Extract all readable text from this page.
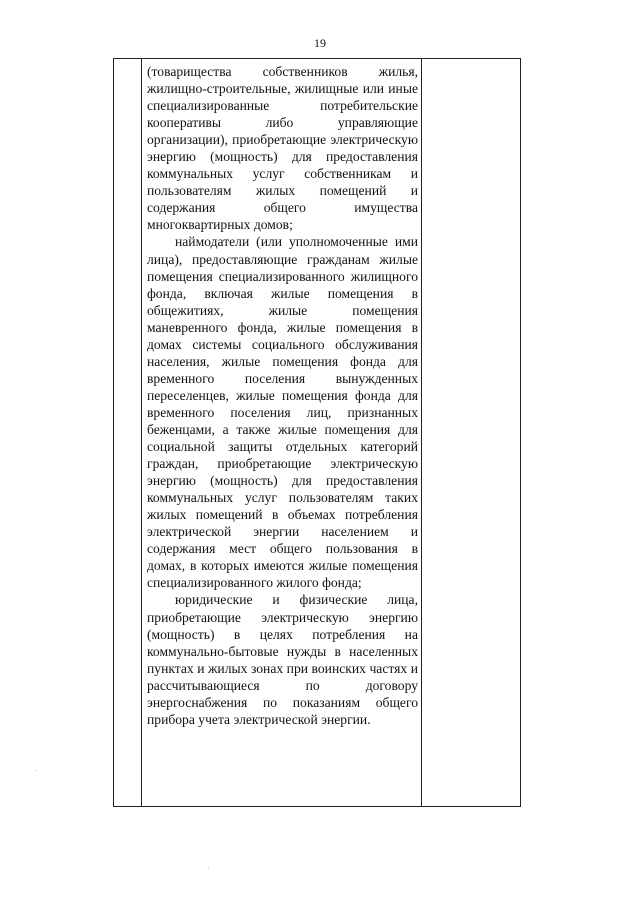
19

(товарищества собственников жилья, жилищно-строительные, жилищные или иные специализированные потребительские кооперативы либо управляющие организации), приобретающие электрическую энергию (мощность) для предоставления коммунальных услуг собственникам и пользователям жилых помещений и содержания общего имущества многоквартирных домов;

наймодатели (или уполномоченные ими лица), предоставляющие гражданам жилые помещения специализированного жилищного фонда, включая жилые помещения в общежитиях, жилые помещения маневренного фонда, жилые помещения в домах системы социального обслуживания населения, жилые помещения фонда для временного поселения вынужденных переселенцев, жилые помещения фонда для временного поселения лиц, признанных беженцами, а также жилые помещения для социальной защиты отдельных категорий граждан, приобретающие электрическую энергию (мощность) для предоставления коммунальных услуг пользователям таких жилых помещений в объемах потребления электрической энергии населением и содержания мест общего пользования в домах, в которых имеются жилые помещения специализированного жилого фонда;

юридические и физические лица, приобретающие электрическую энергию (мощность) в целях потребления на коммунально-бытовые нужды в населенных пунктах и жилых зонах при воинских частях и рассчитывающиеся по договору энергоснабжения по показаниям общего прибора учета электрической энергии.
